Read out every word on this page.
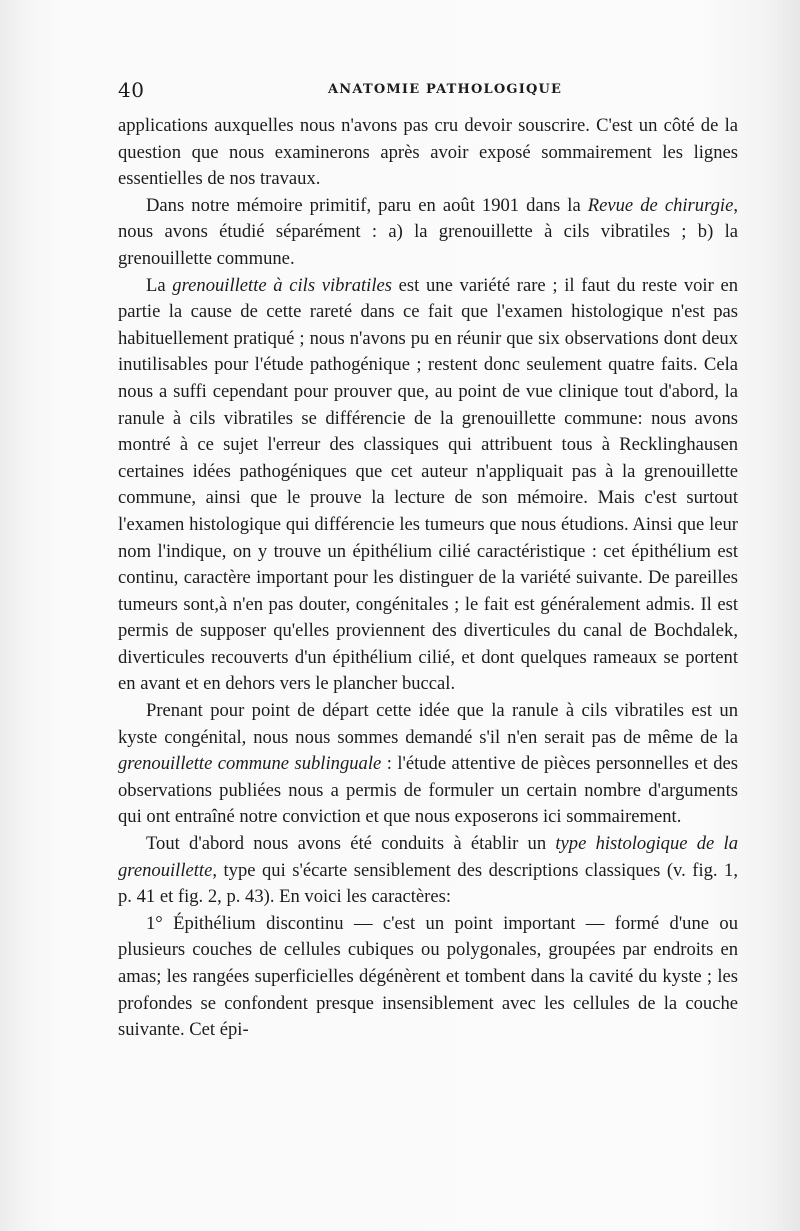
40	ANATOMIE PATHOLOGIQUE

applications auxquelles nous n'avons pas cru devoir souscrire. C'est un côté de la question que nous examinerons après avoir exposé sommairement les lignes essentielles de nos travaux.

Dans notre mémoire primitif, paru en août 1901 dans la Revue de chirurgie, nous avons étudié séparément : a) la grenouillette à cils vibratiles ; b) la grenouillette commune.

La grenouillette à cils vibratiles est une variété rare ; il faut du reste voir en partie la cause de cette rareté dans ce fait que l'examen histologique n'est pas habituellement pratiqué ; nous n'avons pu en réunir que six observations dont deux inutilisables pour l'étude pathogénique ; restent donc seulement quatre faits. Cela nous a suffi cependant pour prouver que, au point de vue clinique tout d'abord, la ranule à cils vibratiles se différencie de la grenouillette commune: nous avons montré à ce sujet l'erreur des classiques qui attribuent tous à Recklinghausen certaines idées pathogéniques que cet auteur n'appliquait pas à la grenouillette commune, ainsi que le prouve la lecture de son mémoire. Mais c'est surtout l'examen histologique qui différencie les tumeurs que nous étudions. Ainsi que leur nom l'indique, on y trouve un épithélium cilié caractéristique : cet épithélium est continu, caractère important pour les distinguer de la variété suivante. De pareilles tumeurs sont,à n'en pas douter, congénitales ; le fait est généralement admis. Il est permis de supposer qu'elles proviennent des diverticules du canal de Bochdalek, diverticules recouverts d'un épithélium cilié, et dont quelques rameaux se portent en avant et en dehors vers le plancher buccal.

Prenant pour point de départ cette idée que la ranule à cils vibratiles est un kyste congénital, nous nous sommes demandé s'il n'en serait pas de même de la grenouillette commune sublinguale : l'étude attentive de pièces personnelles et des observations publiées nous a permis de formuler un certain nombre d'arguments qui ont entraîné notre conviction et que nous exposerons ici sommairement.

Tout d'abord nous avons été conduits à établir un type histologique de la grenouillette, type qui s'écarte sensiblement des descriptions classiques (v. fig. 1, p. 41 et fig. 2, p. 43). En voici les caractères:

1° Épithélium discontinu — c'est un point important — formé d'une ou plusieurs couches de cellules cubiques ou polygonales, groupées par endroits en amas; les rangées superficielles dégénèrent et tombent dans la cavité du kyste ; les profondes se confondent presque insensiblement avec les cellules de la couche suivante. Cet épi-
